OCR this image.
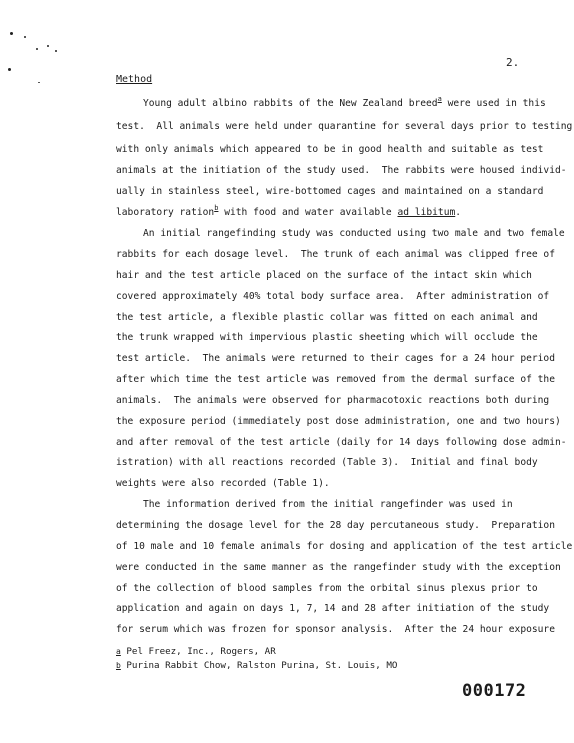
2.
Method
Young adult albino rabbits of the New Zealand breed$^a$ were used in this
test.  All animals were held under quarantine for several days prior to testing
with only animals which appeared to be in good health and suitable as test
animals at the initiation of the study used.  The rabbits were housed individ-
ually in stainless steel, wire-bottomed cages and maintained on a standard
laboratory ration$^b$ with food and water available ad libitum.
An initial rangefinding study was conducted using two male and two female
rabbits for each dosage level.  The trunk of each animal was clipped free of
hair and the test article placed on the surface of the intact skin which
covered approximately 40% total body surface area.  After administration of
the test article, a flexible plastic collar was fitted on each animal and
the trunk wrapped with impervious plastic sheeting which will occlude the
test article.  The animals were returned to their cages for a 24 hour period
after which time the test article was removed from the dermal surface of the
animals.  The animals were observed for pharmacotoxic reactions both during
the exposure period (immediately post dose administration, one and two hours)
and after removal of the test article (daily for 14 days following dose admin-
istration) with all reactions recorded (Table 3).  Initial and final body
weights were also recorded (Table 1).
The information derived from the initial rangefinder was used in
determining the dosage level for the 28 day percutaneous study.  Preparation
of 10 male and 10 female animals for dosing and application of the test article
were conducted in the same manner as the rangefinder study with the exception
of the collection of blood samples from the orbital sinus plexus prior to
application and again on days 1, 7, 14 and 28 after initiation of the study
for serum which was frozen for sponsor analysis.  After the 24 hour exposure
a Pel Freez, Inc., Rogers, AR
b Purina Rabbit Chow, Ralston Purina, St. Louis, MO
000172
